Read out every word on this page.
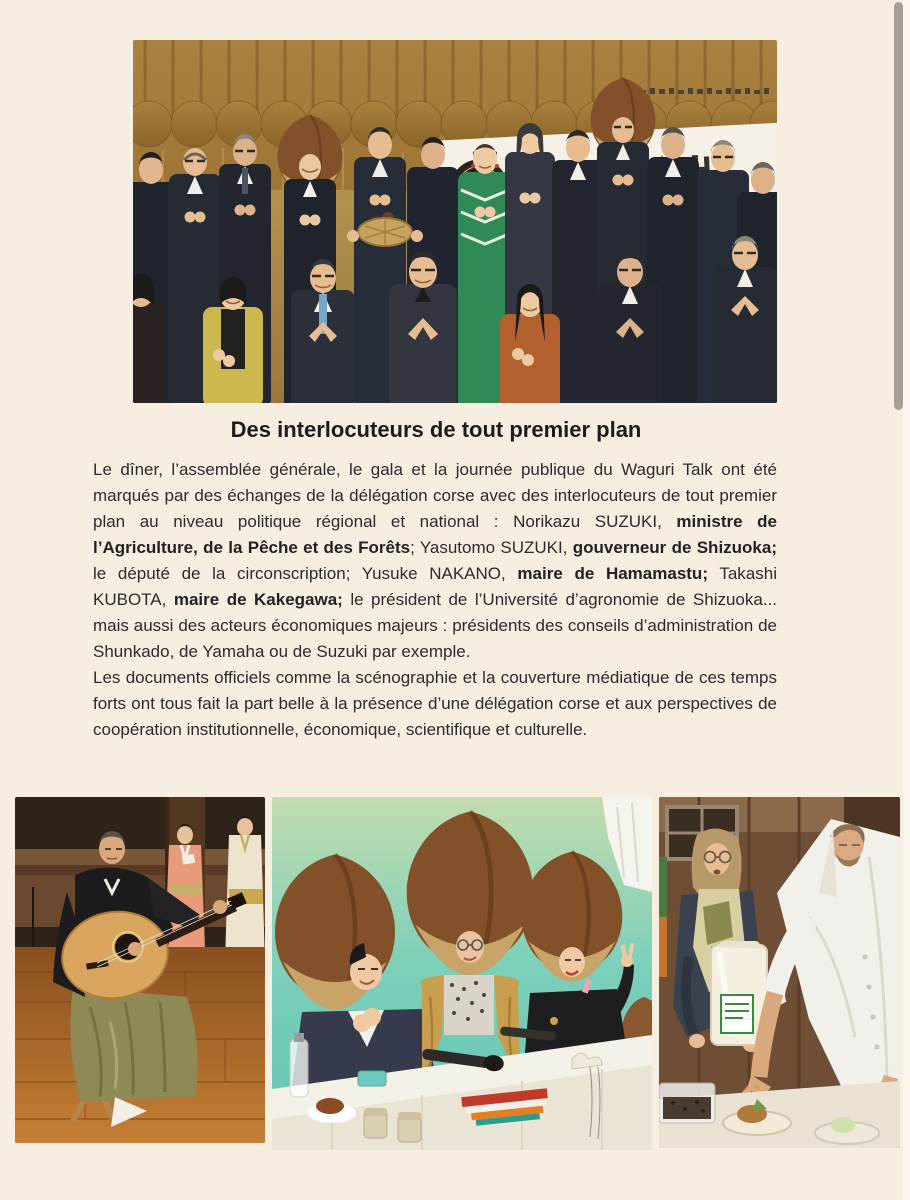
Des interlocuteurs de tout premier plan

Le dîner, l’assemblée générale, le gala et la journée publique du Waguri Talk ont été marqués par des échanges de la délégation corse avec des interlocuteurs de tout premier plan au niveau politique régional et national : Norikazu SUZUKI, ministre de l’Agriculture, de la Pêche et des Forêts; Yasutomo SUZUKI, gouverneur de Shizuoka; le député de la circonscription; Yusuke NAKANO, maire de Hamamastu; Takashi KUBOTA, maire de Kakegawa; le président de l’Université d’agronomie de Shizuoka... mais aussi des acteurs économiques majeurs : présidents des conseils d’administration de Shunkado, de Yamaha ou de Suzuki par exemple.

Les documents officiels comme la scénographie et la couverture médiatique de ces temps forts ont tous fait la part belle à la présence d’une délégation corse et aux perspectives de coopération institutionnelle, économique, scientifique et culturelle.
